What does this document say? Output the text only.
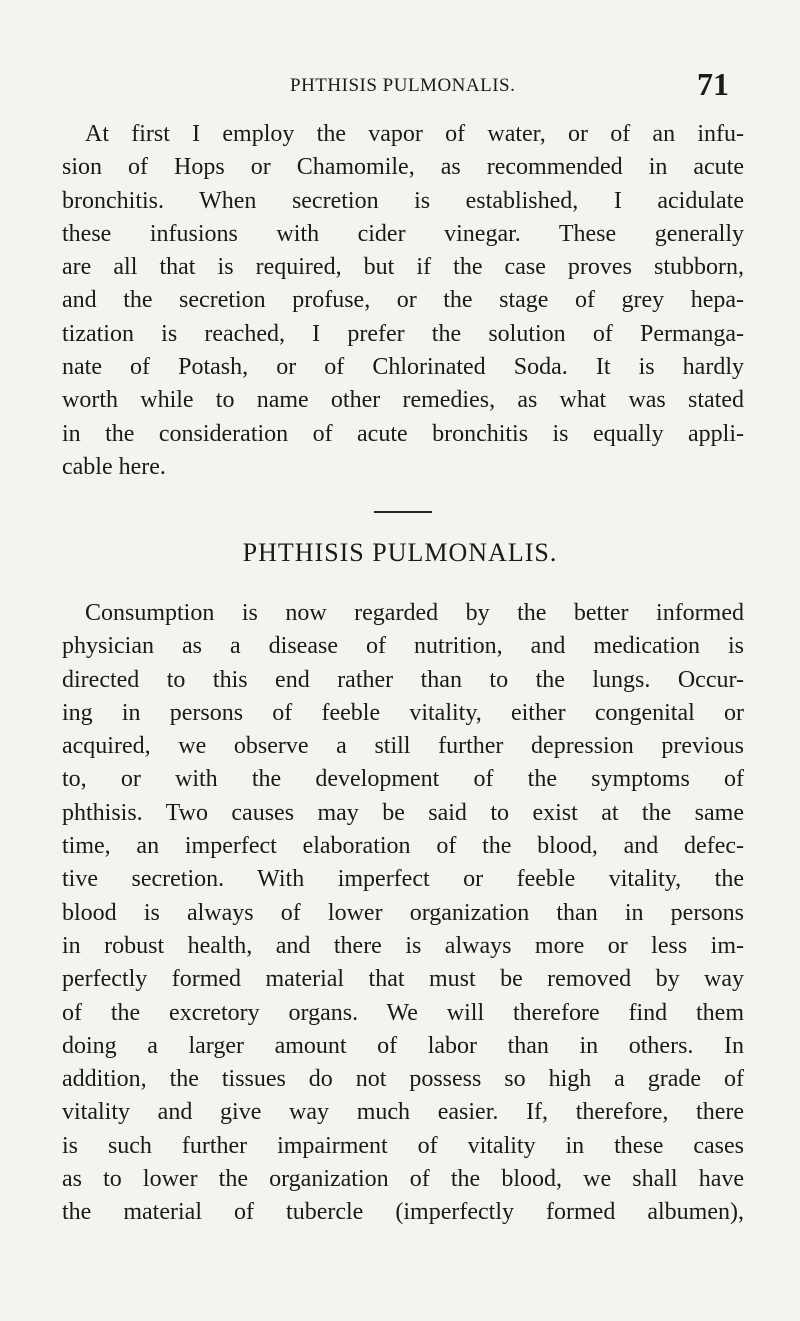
PHTHISIS PULMONALIS.	71
At first I employ the vapor of water, or of an infu-
sion of Hops or Chamomile, as recommended in acute
bronchitis. When secretion is established, I acidulate
these infusions with cider vinegar. These generally
are all that is required, but if the case proves stubborn,
and the secretion profuse, or the stage of grey hepa-
tization is reached, I prefer the solution of Permanga-
nate of Potash, or of Chlorinated Soda. It is hardly
worth while to name other remedies, as what was stated
in the consideration of acute bronchitis is equally appli-
cable here.
PHTHISIS PULMONALIS.
Consumption is now regarded by the better informed
physician as a disease of nutrition, and medication is
directed to this end rather than to the lungs. Occur-
ing in persons of feeble vitality, either congenital or
acquired, we observe a still further depression previous
to, or with the development of the symptoms of
phthisis. Two causes may be said to exist at the same
time, an imperfect elaboration of the blood, and defec-
tive secretion. With imperfect or feeble vitality, the
blood is always of lower organization than in persons
in robust health, and there is always more or less im-
perfectly formed material that must be removed by way
of the excretory organs. We will therefore find them
doing a larger amount of labor than in others. In
addition, the tissues do not possess so high a grade of
vitality and give way much easier. If, therefore, there
is such further impairment of vitality in these cases
as to lower the organization of the blood, we shall have
the material of tubercle (imperfectly formed albumen),
